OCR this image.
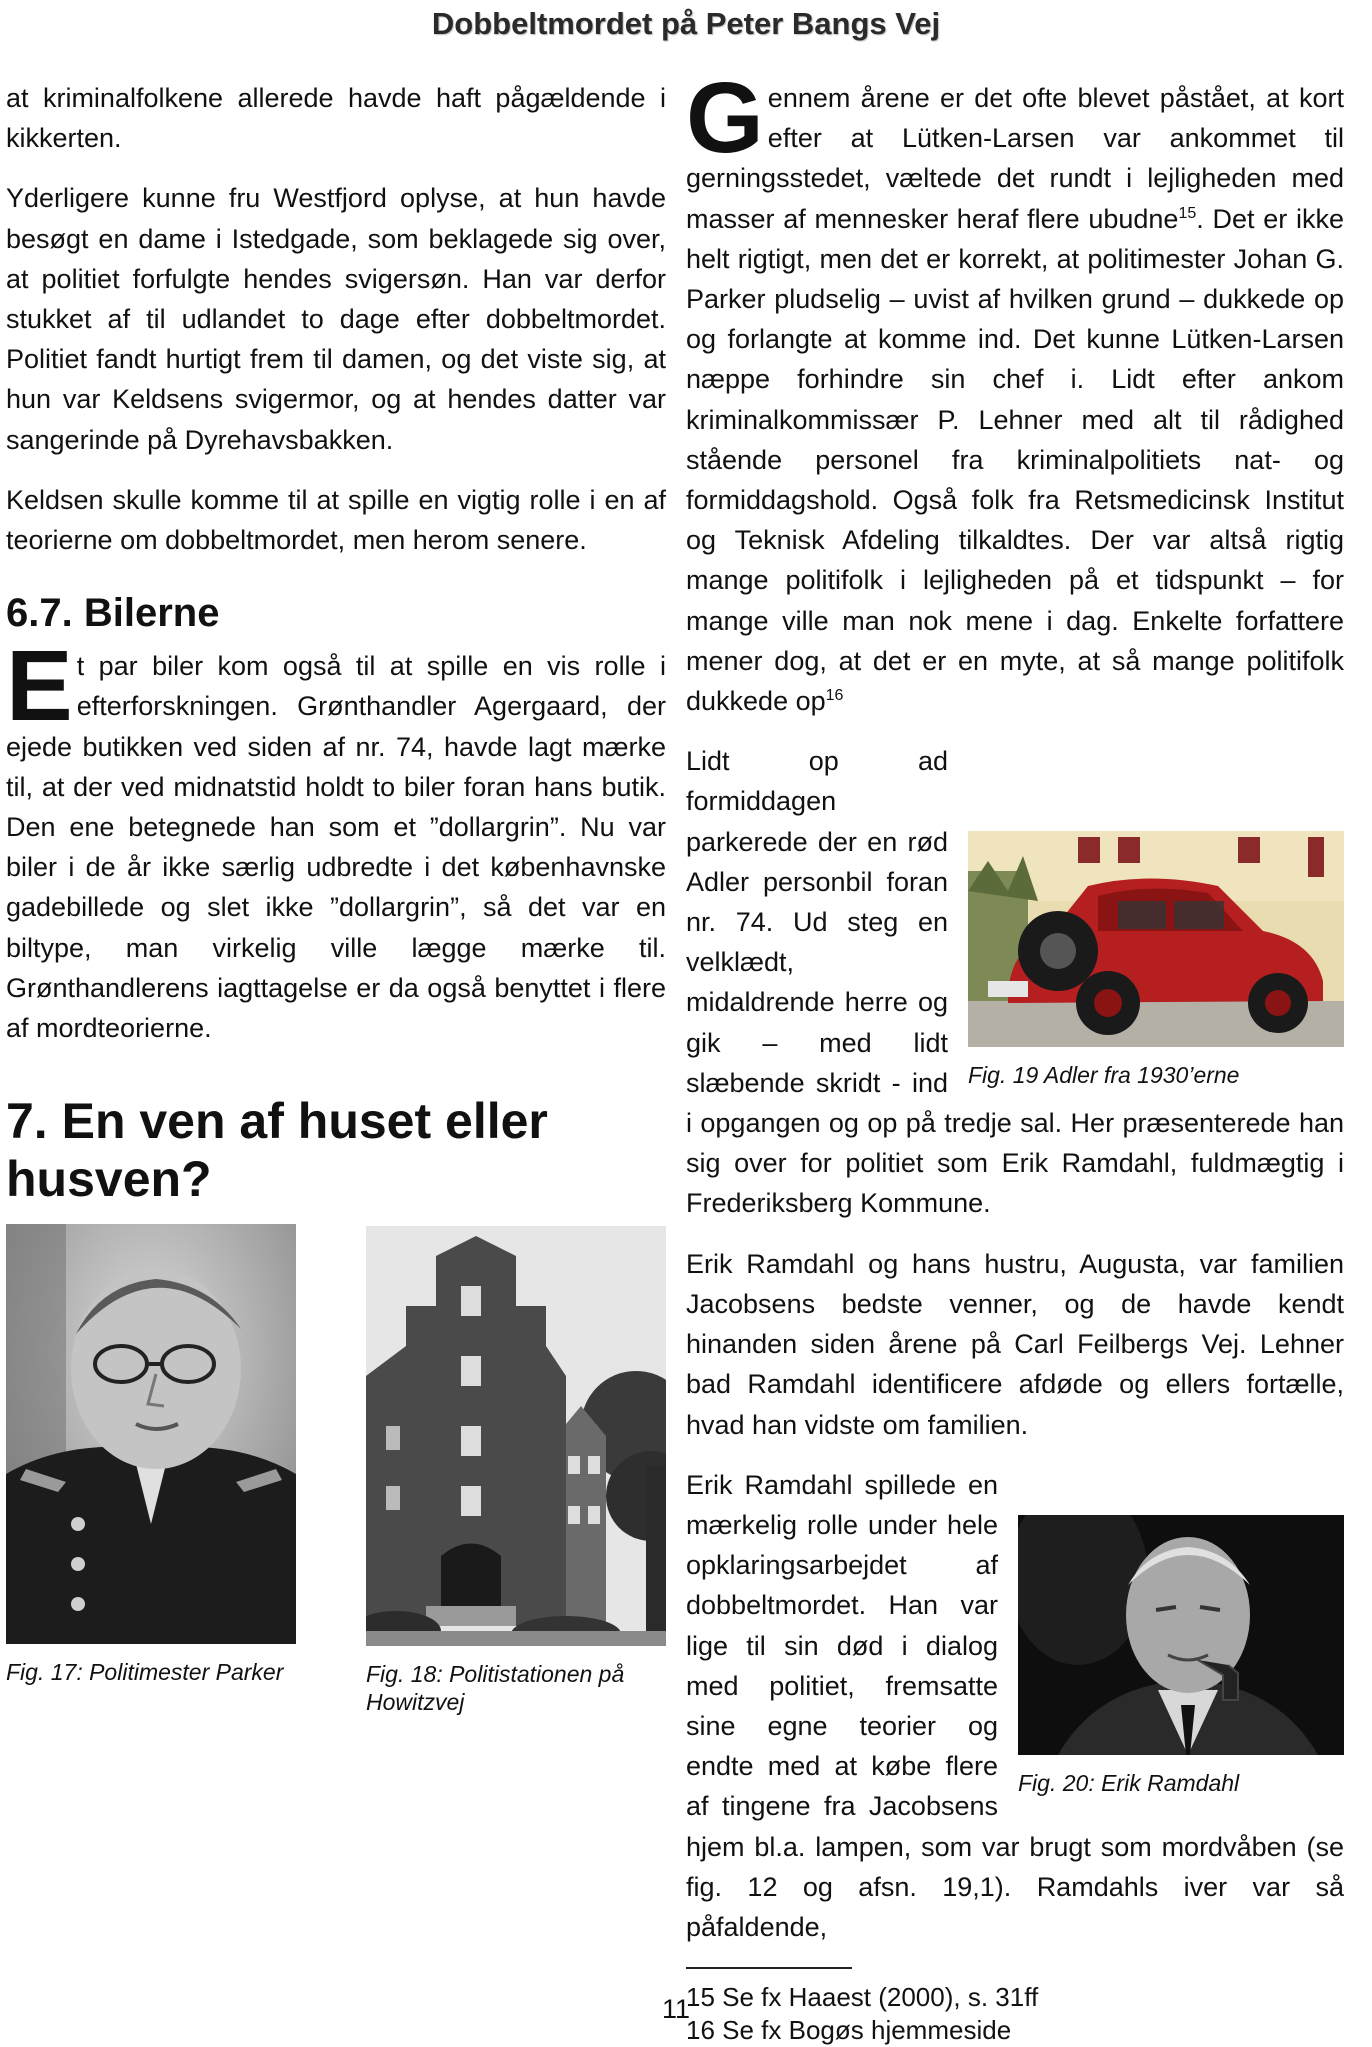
Dobbeltmordet på Peter Bangs Vej

at kriminalfolkene allerede havde haft pågældende i kikkerten.

Yderligere kunne fru Westfjord oplyse, at hun havde besøgt en dame i Istedgade, som beklagede sig over, at politiet forfulgte hendes svigersøn. Han var derfor stukket af til udlandet to dage efter dobbeltmordet. Politiet fandt hurtigt frem til damen, og det viste sig, at hun var Keldsens svigermor, og at hendes datter var sangerinde på Dyrehavsbakken.

Keldsen skulle komme til at spille en vigtig rolle i en af teorierne om dobbeltmordet, men herom senere.

6.7. Bilerne

Et par biler kom også til at spille en vis rolle i efterforskningen. Grønthandler Agergaard, der ejede butikken ved siden af nr. 74, havde lagt mærke til, at der ved midnatstid holdt to biler foran hans butik. Den ene betegnede han som et ”dollargrin”. Nu var biler i de år ikke særlig udbredte i det københavnske gadebillede og slet ikke ”dollargrin”, så det var en biltype, man virkelig ville lægge mærke til. Grønthandlerens iagttagelse er da også benyttet i flere af mordteorierne.

7. En ven af huset eller husven?
Fig. 17: Politimester Parker	Fig. 18: Politistationen på Howitzvej

Gennem årene er det ofte blevet påstået, at kort efter at Lütken-Larsen var ankommet til gerningsstedet, væltede det rundt i lejligheden med masser af mennesker heraf flere ubudne$^{15}$. Det er ikke helt rigtigt, men det er korrekt, at politimester Johan G. Parker pludselig – uvist af hvilken grund – dukkede op og forlangte at komme ind. Det kunne Lütken-Larsen næppe forhindre sin chef i. Lidt efter ankom kriminalkommissær P. Lehner med alt til rådighed stående personel fra kriminalpolitiets nat- og formiddagshold. Også folk fra Retsmedicinsk Institut og Teknisk Afdeling tilkaldtes. Der var altså rigtig mange politifolk i lejligheden på et tidspunkt – for mange ville man nok mene i dag. Enkelte forfattere mener dog, at det er en myte, at så mange politifolk dukkede $op^{16}$

Fig. 19 Adler fra 1930’erne
Lidt op ad formiddagen parkerede der en rød Adler personbil foran nr. 74. Ud steg en velklædt, midaldrende herre og gik – med lidt slæbende skridt - ind i opgangen og op på tredje sal. Her præsenterede han sig over for politiet som Erik Ramdahl, fuldmægtig i Frederiksberg Kommune.

Erik Ramdahl og hans hustru, Augusta, var familien Jacobsens bedste venner, og de havde kendt hinanden siden årene på Carl Feilbergs Vej. Lehner bad Ramdahl identificere afdøde og ellers fortælle, hvad han vidste om familien.

Fig. 20: Erik Ramdahl
Erik Ramdahl spillede en mærkelig rolle under hele opklaringsarbejdet af dobbeltmordet. Han var lige til sin død i dialog med politiet, fremsatte sine egne teorier og endte med at købe flere af tingene fra Jacobsens hjem bl.a. lampen, som var brugt som mordvåben (se fig. 12 og afsn. 19,1). Ramdahls iver var så påfaldende,

15 Se fx Haaest (2000), s. 31ff

16 Se fx Bogøs hjemmeside

11
